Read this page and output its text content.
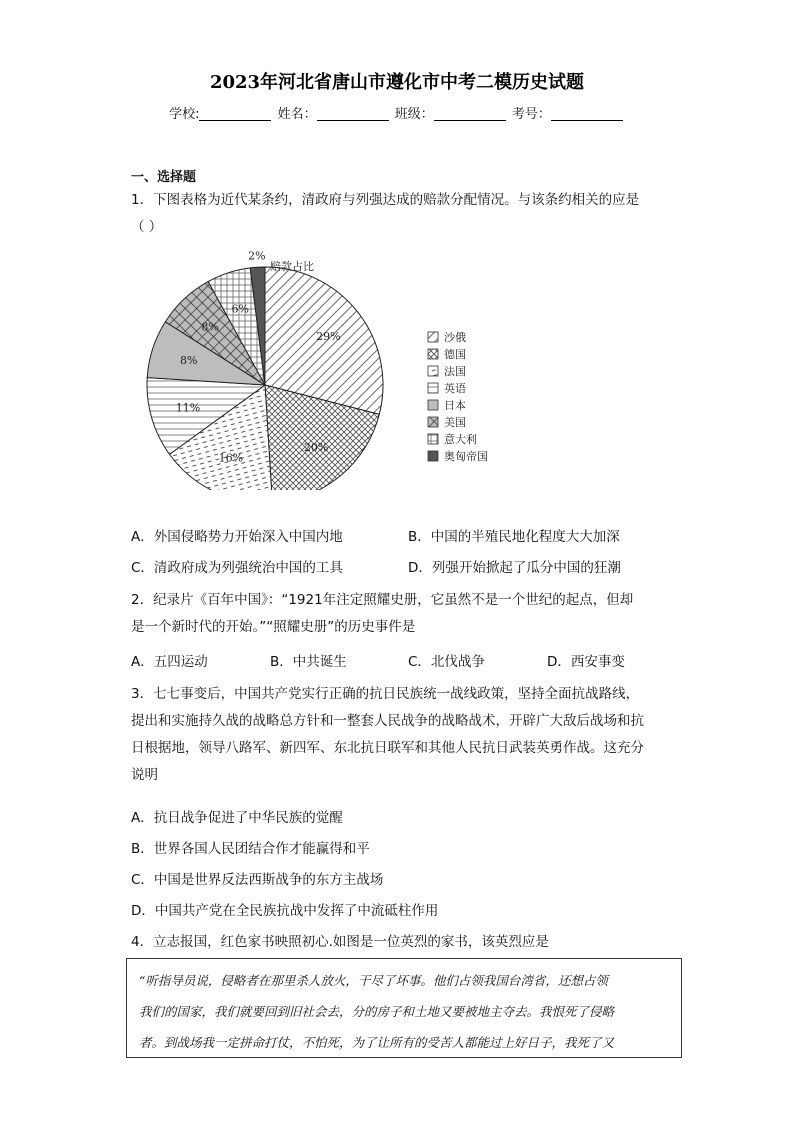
2023年河北省唐山市遵化市中考二模历史试题
学校:	姓名：	班级：	考号：
一、选择题
1．下图表格为近代某条约，清政府与列强达成的赔款分配情况。与该条约相关的应是
（ ）
29%
20%
16%
11%
8%
8%
6%
2%
赔款占比
沙俄
德国
法国
英语
日本
美国
意大利
奥匈帝国
A．外国侵略势力开始深入中国内地	B．中国的半殖民地化程度大大加深
C．清政府成为列强统治中国的工具	D．列强开始掀起了瓜分中国的狂潮
2．纪录片《百年中国》：“1921年注定照耀史册，它虽然不是一个世纪的起点，但却
是一个新时代的开始。”“照耀史册”的历史事件是
A．五四运动	B．中共诞生	C．北伐战争	D．西安事变
3．七七事变后，中国共产党实行正确的抗日民族统一战线政策，坚持全面抗战路线，
提出和实施持久战的战略总方针和一整套人民战争的战略战术，开辟广大敌后战场和抗
日根据地，领导八路军、新四军、东北抗日联军和其他人民抗日武装英勇作战。这充分
说明
A．抗日战争促进了中华民族的觉醒
B．世界各国人民团结合作才能赢得和平
C．中国是世界反法西斯战争的东方主战场
D．中国共产党在全民族抗战中发挥了中流砥柱作用
4．立志报国，红色家书映照初心.如图是一位英烈的家书，该英烈应是
“听指导员说，侵略者在那里杀人放火，干尽了坏事。他们占领我国台湾省，还想占领
我们的国家，我们就要回到旧社会去，分的房子和土地又要被地主夺去。我恨死了侵略
者。到战场我一定拼命打仗，不怕死，为了让所有的受苦人都能过上好日子，我死了又
